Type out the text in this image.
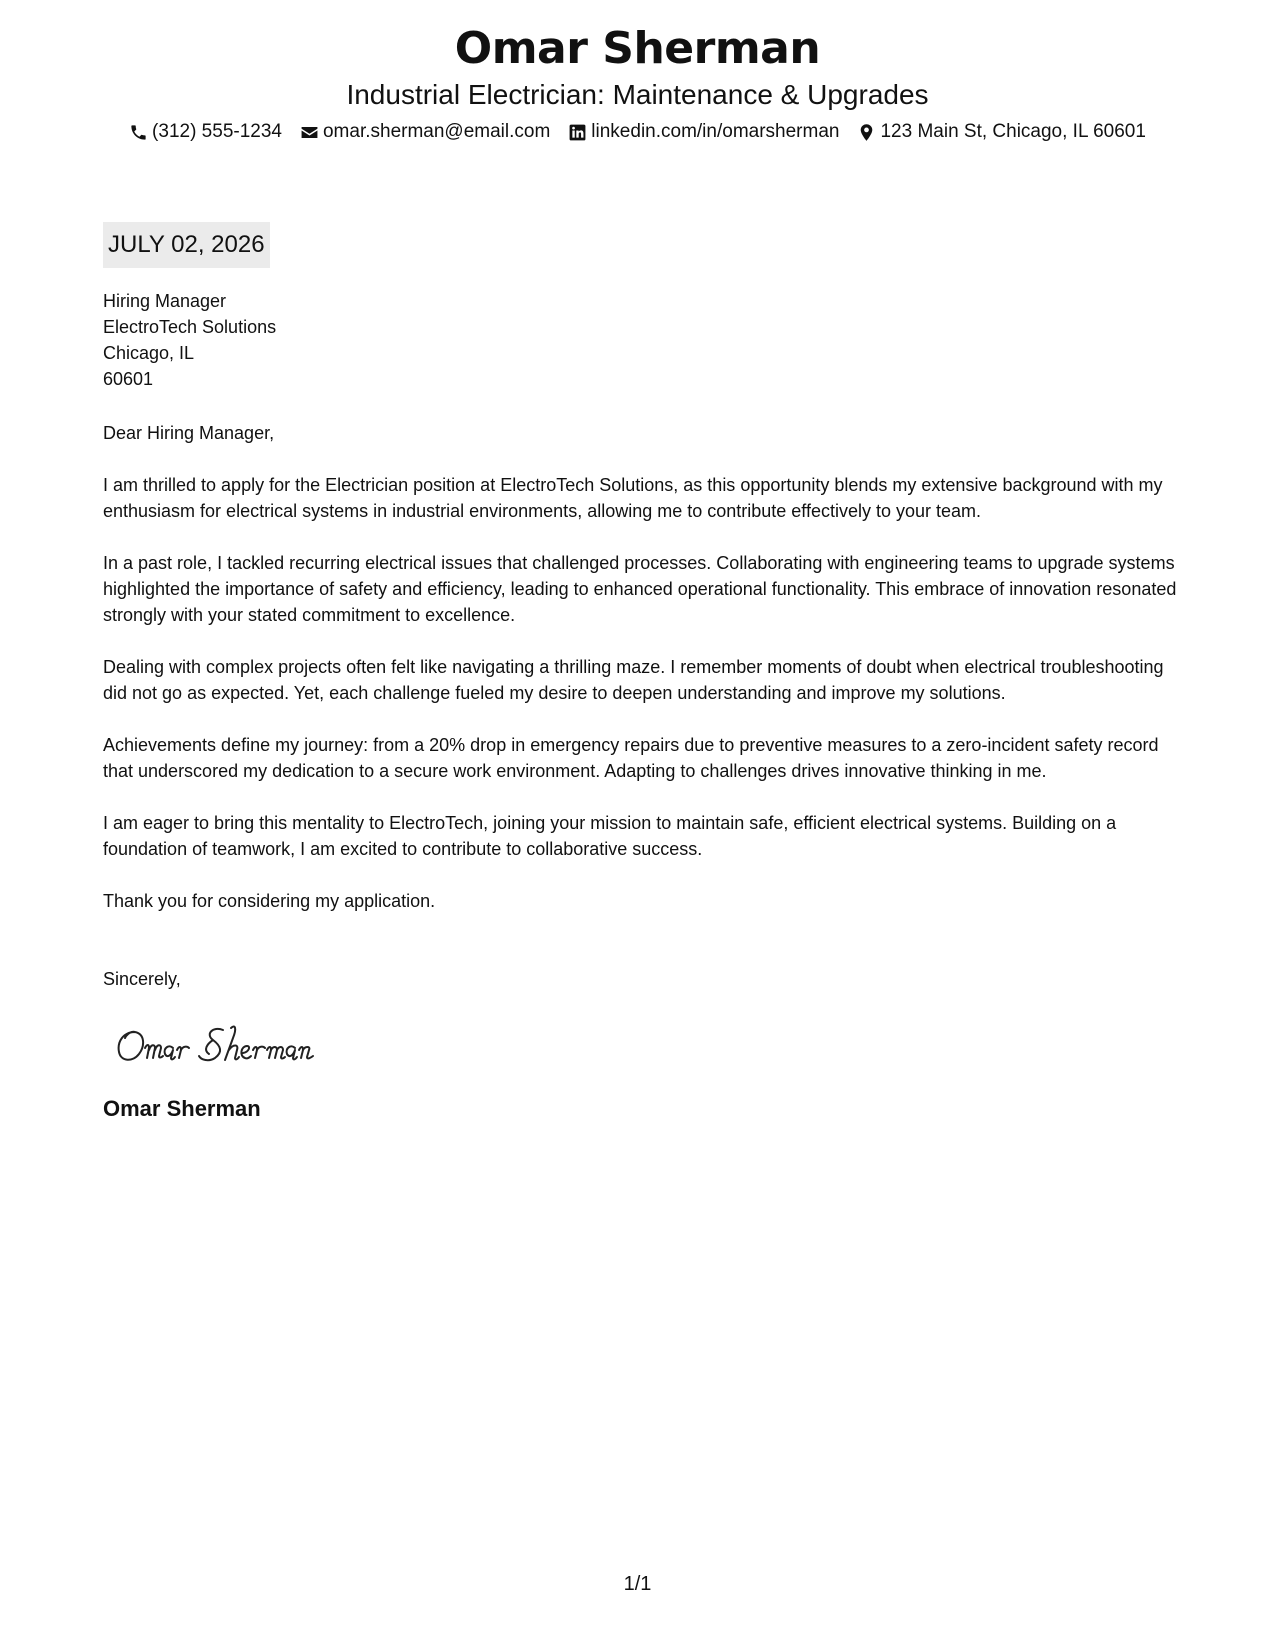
Omar Sherman

Industrial Electrician: Maintenance & Upgrades

(312) 555-1234 omar.sherman@email.com linkedin.com/in/omarsherman 123 Main St, Chicago, IL 60601
JULY 02, 2026
Hiring Manager
ElectroTech Solutions
Chicago, IL
60601
Dear Hiring Manager,
I am thrilled to apply for the Electrician position at ElectroTech Solutions, as this opportunity blends my extensive background with my enthusiasm for electrical systems in industrial environments, allowing me to contribute effectively to your team.
In a past role, I tackled recurring electrical issues that challenged processes. Collaborating with engineering teams to upgrade systems highlighted the importance of safety and efficiency, leading to enhanced operational functionality. This embrace of innovation resonated strongly with your stated commitment to excellence.
Dealing with complex projects often felt like navigating a thrilling maze. I remember moments of doubt when electrical troubleshooting did not go as expected. Yet, each challenge fueled my desire to deepen understanding and improve my solutions.
Achievements define my journey: from a 20% drop in emergency repairs due to preventive measures to a zero-incident safety record that underscored my dedication to a secure work environment. Adapting to challenges drives innovative thinking in me.
I am eager to bring this mentality to ElectroTech, joining your mission to maintain safe, efficient electrical systems. Building on a foundation of teamwork, I am excited to contribute to collaborative success.
Thank you for considering my application.
Sincerely,
Omar Sherman
1/1
